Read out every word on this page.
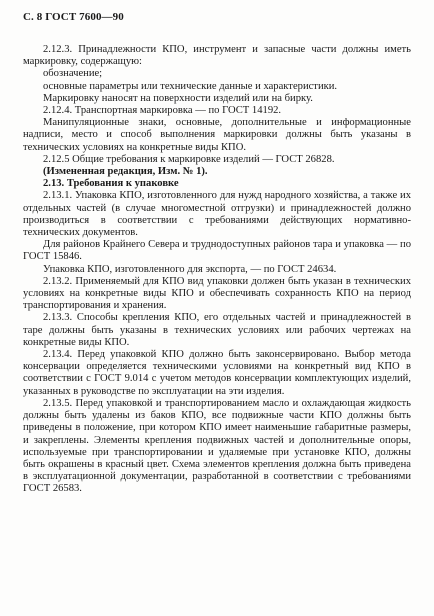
С. 8 ГОСТ 7600—90

2.12.3. Принадлежности КПО, инструмент и запасные части должны иметь маркировку, содержащую:

обозначение;

основные параметры или технические данные и характеристики.

Маркировку наносят на поверхности изделий или на бирку.

2.12.4. Транспортная маркировка — по ГОСТ 14192.

Манипуляционные знаки, основные, дополнительные и информационные надписи, место и способ выполнения маркировки должны быть указаны в технических условиях на конкретные виды КПО.

2.12.5 Общие требования к маркировке изделий — ГОСТ 26828.

(Измененная редакция, Изм. № 1).

2.13. Требования к упаковке

2.13.1. Упаковка КПО, изготовленного для нужд народного хозяйства, а также их отдельных частей (в случае многоместной отгрузки) и принадлежностей должно производиться в соответствии с требованиями действующих нормативно-технических документов.

Для районов Крайнего Севера и труднодоступных районов тара и упаковка — по ГОСТ 15846.

Упаковка КПО, изготовленного для экспорта, — по ГОСТ 24634.

2.13.2. Применяемый для КПО вид упаковки должен быть указан в технических условиях на конкретные виды КПО и обеспечивать сохранность КПО на период транспортирования и хранения.

2.13.3. Способы крепления КПО, его отдельных частей и принадлежностей в таре должны быть указаны в технических условиях или рабочих чертежах на конкретные виды КПО.

2.13.4. Перед упаковкой КПО должно быть законсервировано. Выбор метода консервации определяется техническими условиями на конкретный вид КПО в соответствии с ГОСТ 9.014 с учетом методов консервации комплектующих изделий, указанных в руководстве по эксплуатации на эти изделия.

2.13.5. Перед упаковкой и транспортированием масло и охлаждающая жидкость должны быть удалены из баков КПО, все подвижные части КПО должны быть приведены в положение, при котором КПО имеет наименьшие габаритные размеры, и закреплены. Элементы крепления подвижных частей и дополнительные опоры, используемые при транспортировании и удаляемые при установке КПО, должны быть окрашены в красный цвет. Схема элементов крепления должна быть приведена в эксплуатационной документации, разработанной в соответствии с требованиями ГОСТ 26583.
